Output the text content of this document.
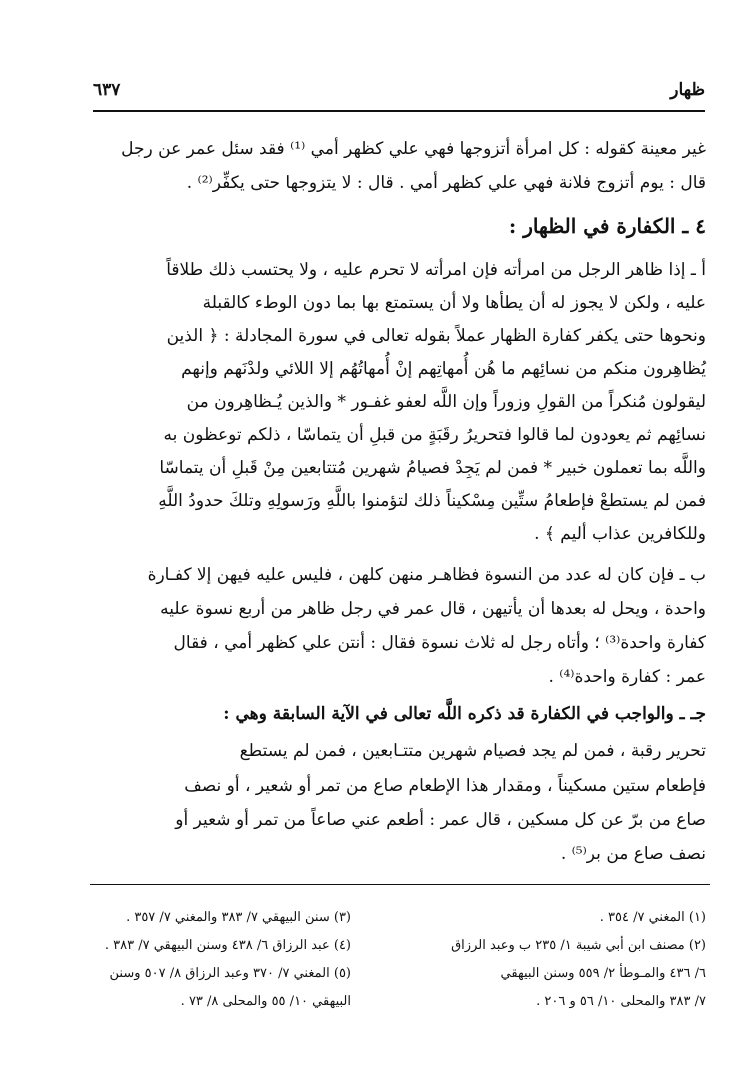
ظهار
٦٣٧
غير معينة كقوله : كل امرأة أتزوجها فهي علي كظهر أمي ⁽¹⁾ فقد سئل عمر عن رجل
قال : يوم أتزوج فلانة فهي علي كظهر أمي . قال : لا يتزوجها حتى يكفِّر⁽²⁾ .
٤ ـ الكفارة في الظهار :
أ ـ إذا ظاهر الرجل من امرأته فإن امرأته لا تحرم عليه ، ولا يحتسب ذلك طلاقاً
عليه ، ولكن لا يجوز له أن يطأها ولا أن يستمتع بها بما دون الوطء كالقبلة
ونحوها حتى يكفر كفارة الظهار عملاً بقوله تعالى في سورة المجادلة : ﴿ الذين
يُظاهِرون منكم من نسائِهم ما هُن أُمهاتِهم إنْ أُمهاتُهُم إلا اللائي ولدْنَهم وإنهم
ليقولون مُنكراً من القولِ وزوراً وإن اللَّه لعفو غفـور * والذين يُـظاهِرون من
نسائِهم ثم يعودون لما قالوا فتحريرُ رقَبَةٍ من قبلِ أن يتماسّا ، ذلكم توعظون به
واللَّه بما تعملون خبير * فمن لم يَجِدْ فصيامُ شهرين مُتتابعين مِنْ قَبلِ أن يتماسّا
فمن لم يستطعْ فإطعامُ ستِّين مِسْكيناً ذلك لتؤمنوا باللَّهِ ورَسولِهِ وتلكَ حدودُ اللَّهِ
وللكافرين عذاب أليم ﴾ .
ب ـ فإن كان له عدد من النسوة فظاهـر منهن كلهن ، فليس عليه فيهن إلا كفـارة
واحدة ، ويحل له بعدها أن يأتيهن ، قال عمر في رجل ظاهر من أربع نسوة عليه
كفارة واحدة⁽³⁾ ؛ وأتاه رجل له ثلاث نسوة فقال : أنتن علي كظهر أمي ، فقال
عمر : كفارة واحدة⁽⁴⁾ .
جـ ـ والواجب في الكفارة قد ذكره اللَّه تعالى في الآية السابقة وهي :
تحرير رقبة ، فمن لم يجد فصيام شهرين متتـابعين ، فمن لم يستطع
فإطعام ستين مسكيناً ، ومقدار هذا الإطعام صاع من تمر أو شعير ، أو نصف
صاع من برّ عن كل مسكين ، قال عمر : أطعم عني صاعاً من تمر أو شعير أو
نصف صاع من بر⁽⁵⁾ .
(١) المغني ٧/ ٣٥٤ .
(٢) مصنف ابن أبي شيبة ١/ ٢٣٥ ب وعبد الرزاق
٦/ ٤٣٦ والمـوطأ ٢/ ٥٥٩ وسنن البيهقي
٧/ ٣٨٣ والمحلى ١٠/ ٥٦ و ٢٠٦ .
(٣) سنن البيهقي ٧/ ٣٨٣ والمغني ٧/ ٣٥٧ .
(٤) عبد الرزاق ٦/ ٤٣٨ وسنن البيهقي ٧/ ٣٨٣ .
(٥) المغني ٧/ ٣٧٠ وعبد الرزاق ٨/ ٥٠٧ وسنن
البيهقي ١٠/ ٥٥ والمحلى ٨/ ٧٣ .
